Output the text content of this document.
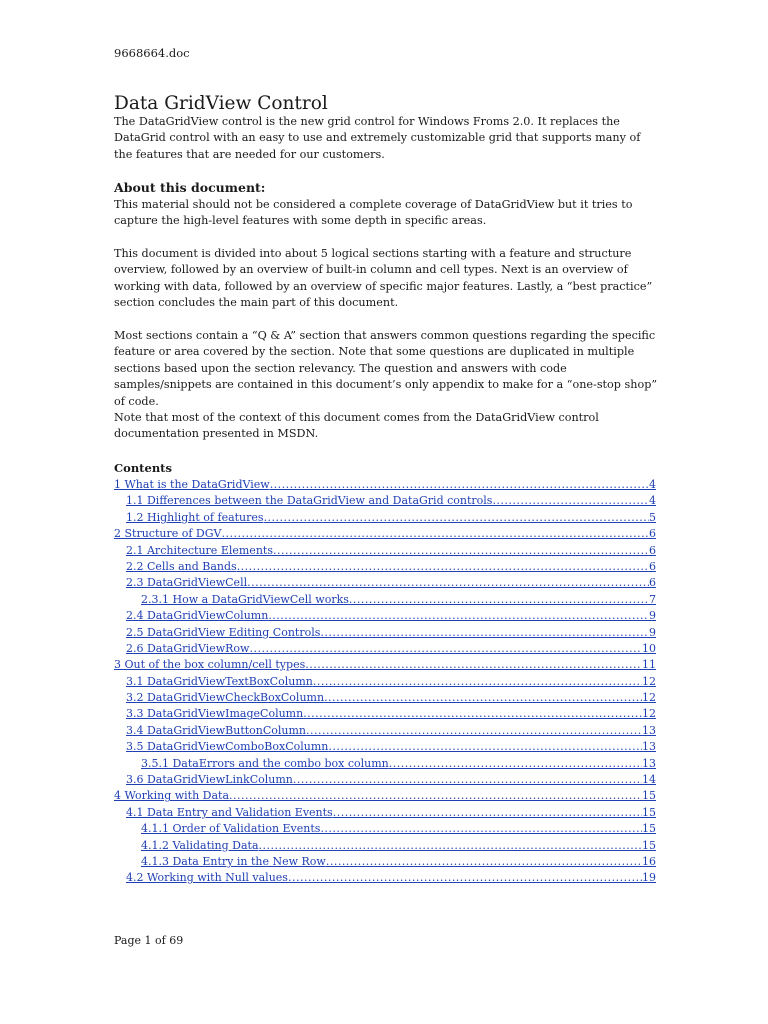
9668664.doc
Data GridView Control

The DataGridView control is the new grid control for Windows Froms 2.0. It replaces the DataGrid control with an easy to use and extremely customizable grid that supports many of the features that are needed for our customers.

About this document:

This material should not be considered a complete coverage of DataGridView but it tries to capture the high-level features with some depth in specific areas.

This document is divided into about 5 logical sections starting with a feature and structure overview, followed by an overview of built-in column and cell types. Next is an overview of working with data, followed by an overview of specific major features. Lastly, a “best practice” section concludes the main part of this document.

Most sections contain a “Q & A” section that answers common questions regarding the specific feature or area covered by the section. Note that some questions are duplicated in multiple sections based upon the section relevancy. The question and answers with code samples/snippets are contained in this document’s only appendix to make for a “one-stop shop” of code.

Note that most of the context of this document comes from the DataGridView control documentation presented in MSDN.

Contents
1 What is the DataGridView .....	4
1.1 Differences between the DataGridView and DataGrid controls .....	4
1.2 Highlight of features .....	5
2 Structure of DGV .....	6
2.1 Architecture Elements .....	6
2.2 Cells and Bands .....	6
2.3 DataGridViewCell .....	6
2.3.1 How a DataGridViewCell works .....	7
2.4 DataGridViewColumn .....	9
2.5 DataGridView Editing Controls .....	9
2.6 DataGridViewRow .....	10
3 Out of the box column/cell types .....	11
3.1 DataGridViewTextBoxColumn .....	12
3.2 DataGridViewCheckBoxColumn .....	12
3.3 DataGridViewImageColumn .....	12
3.4 DataGridViewButtonColumn .....	13
3.5 DataGridViewComboBoxColumn .....	13
3.5.1 DataErrors and the combo box column .....	13
3.6 DataGridViewLinkColumn .....	14
4 Working with Data .....	15
4.1 Data Entry and Validation Events .....	15
4.1.1 Order of Validation Events .....	15
4.1.2 Validating Data .....	15
4.1.3 Data Entry in the New Row .....	16
4.2 Working with Null values .....	19
Page 1 of 69
